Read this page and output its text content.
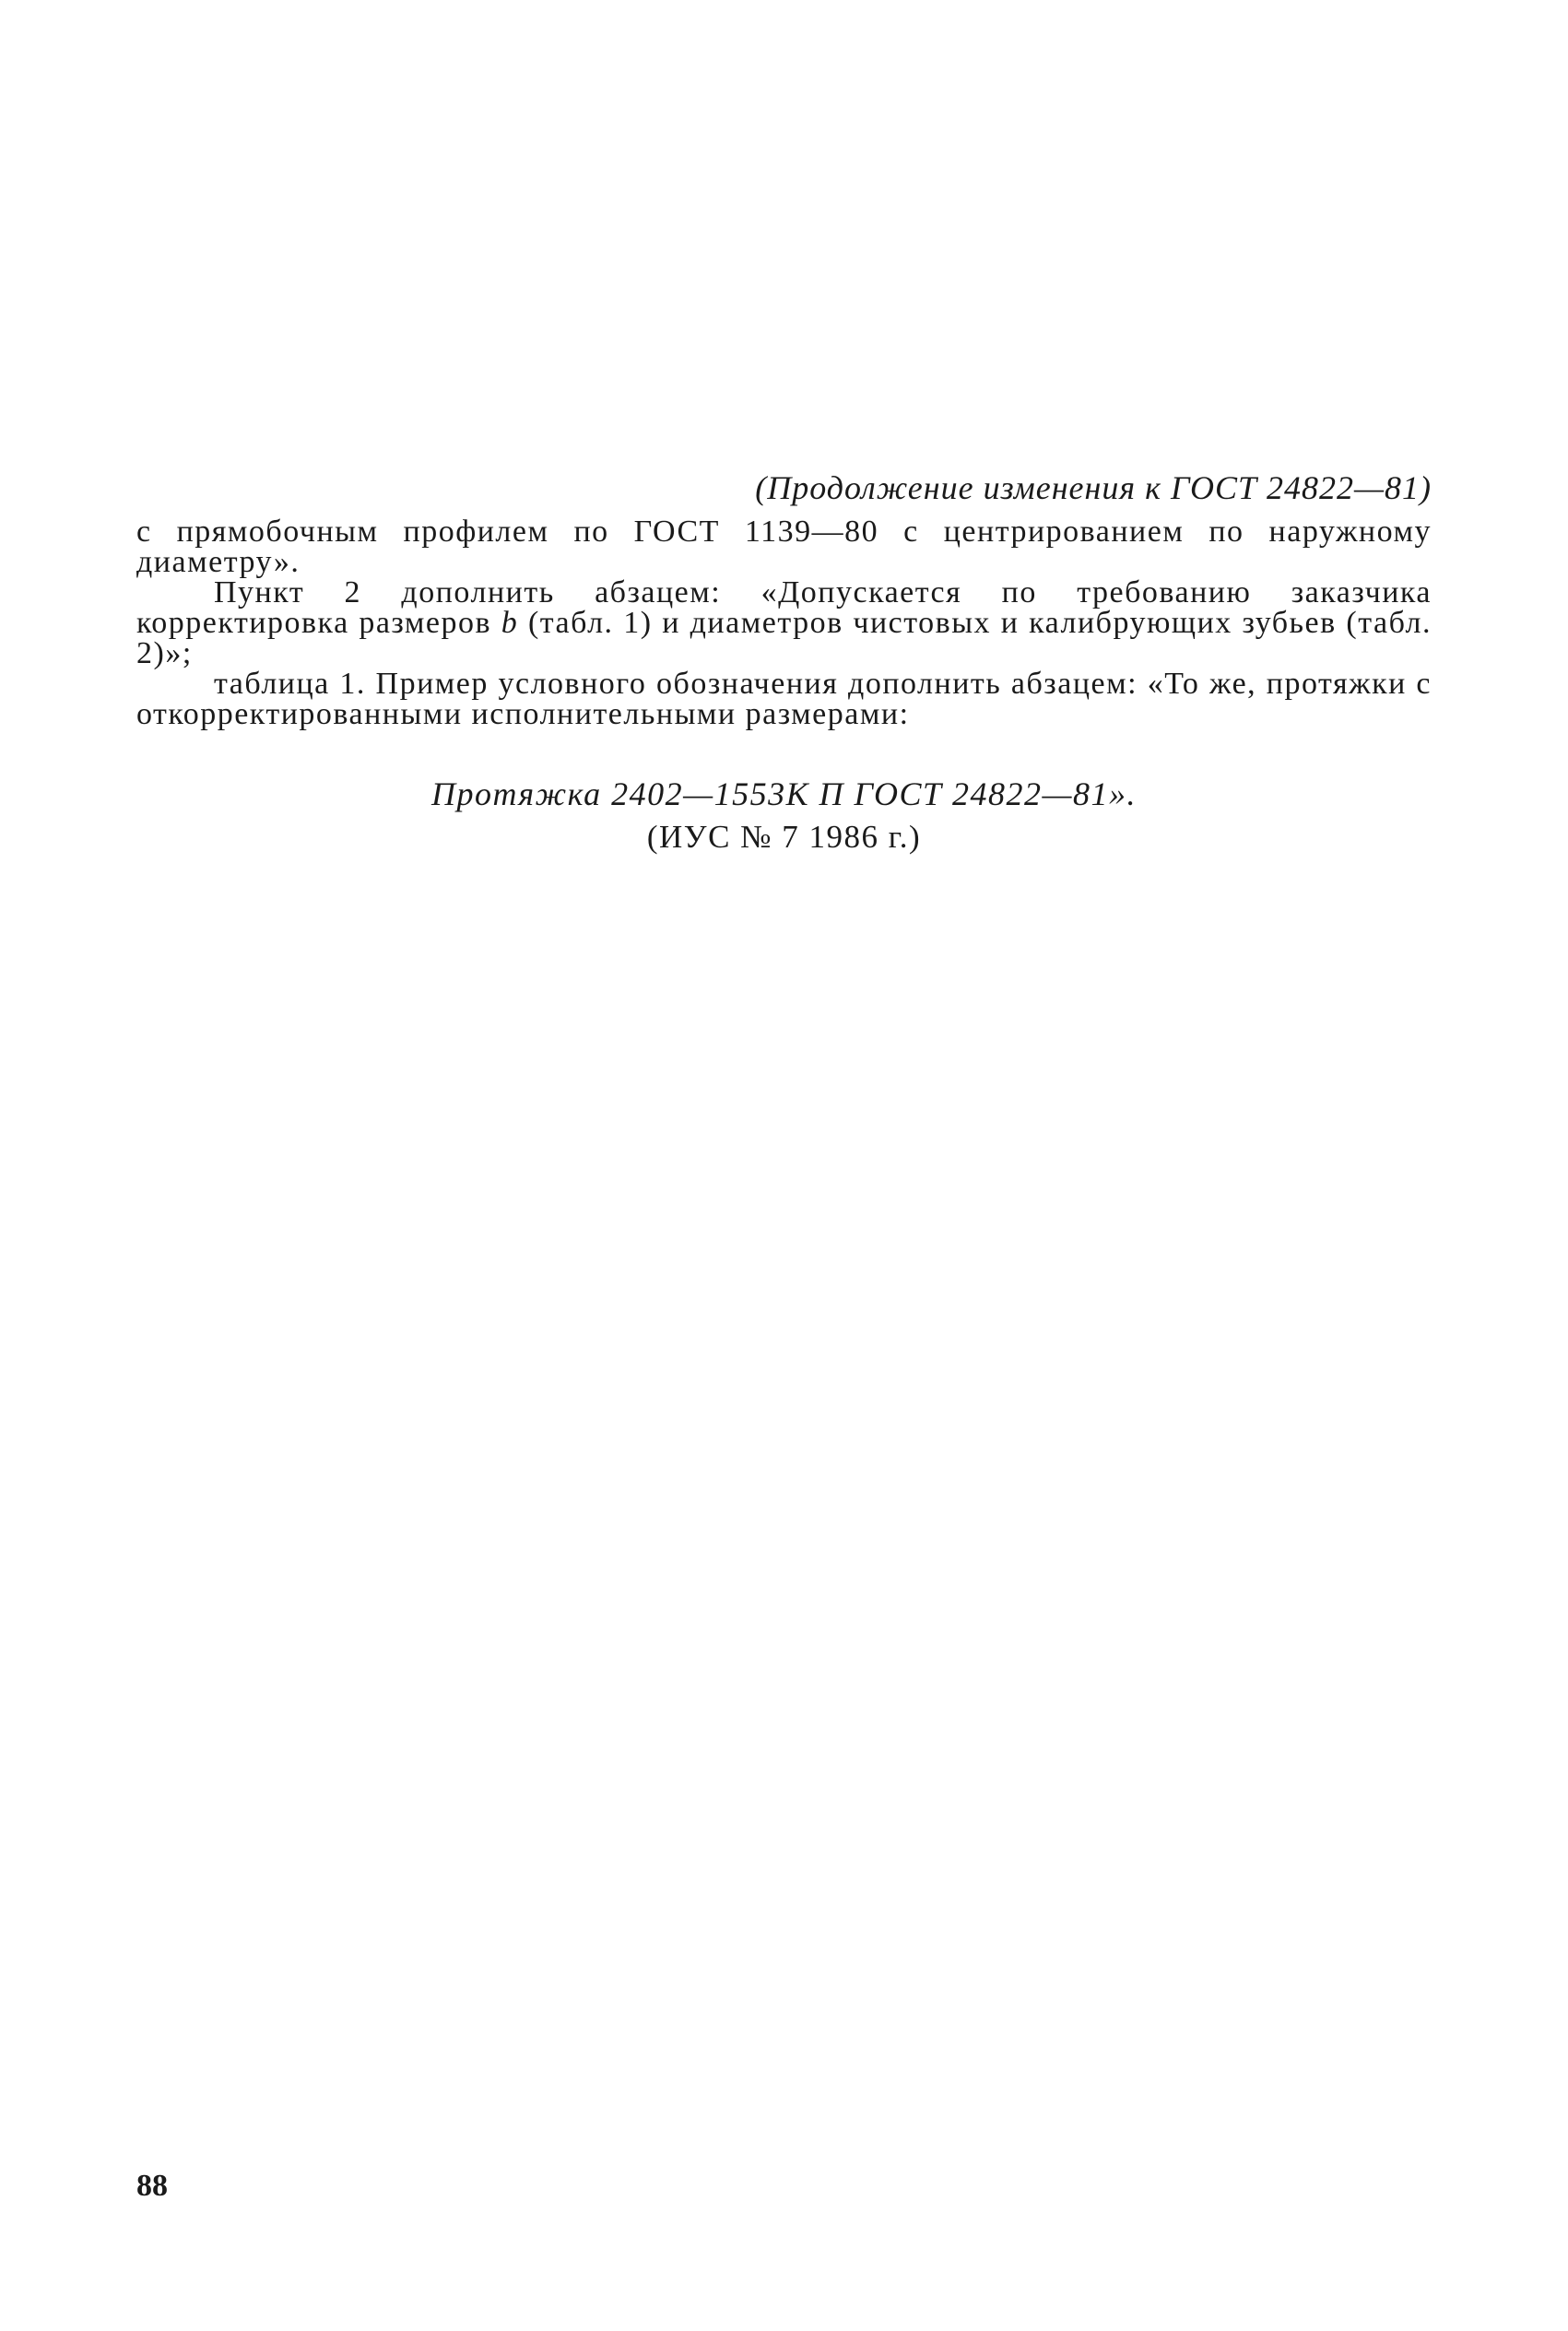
(Продолжение изменения к ГОСТ 24822—81)

с прямобочным профилем по ГОСТ 1139—80 с центрированием по наружному диаметру».

Пункт 2 дополнить абзацем: «Допускается по требованию заказчика корректировка размеров b (табл. 1) и диаметров чистовых и калибрующих зубьев (табл. 2)»;

таблица 1. Пример условного обозначения дополнить абзацем: «То же, протяжки с откорректированными исполнительными размерами:

Протяжка 2402—1553К П ГОСТ 24822—81».
(ИУС № 7 1986 г.)
88
